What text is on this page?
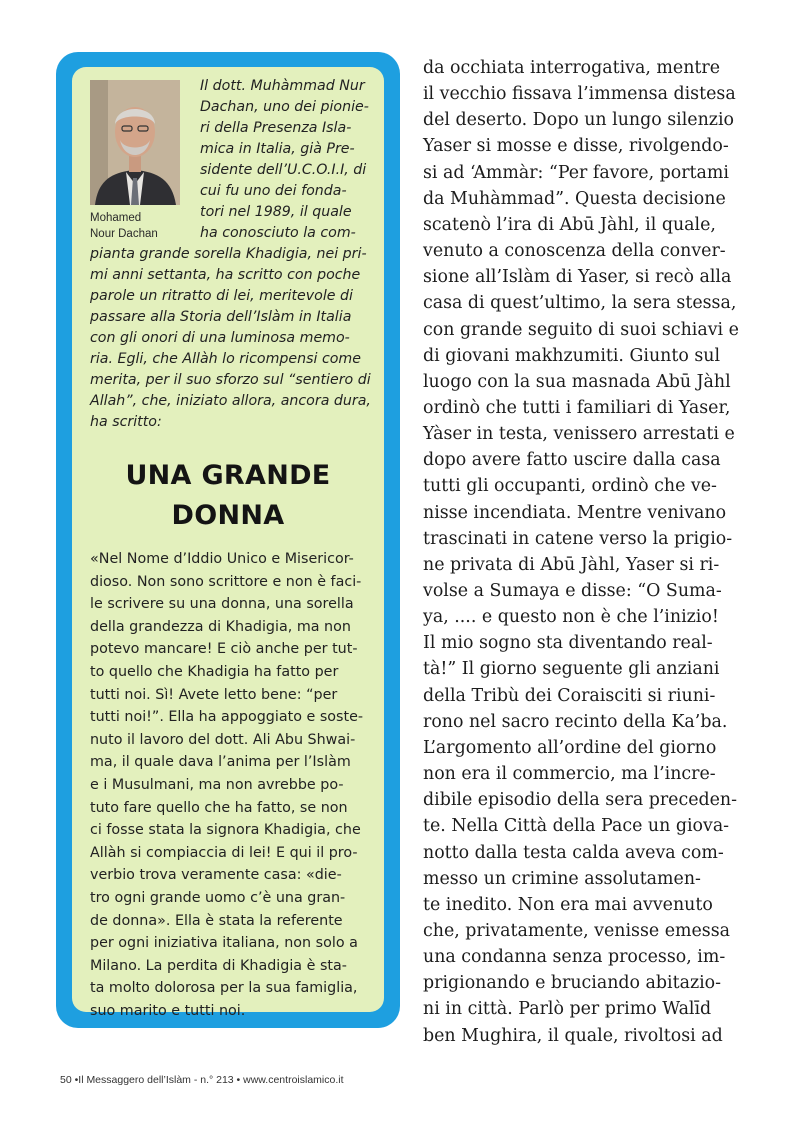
Mohamed
Nour Dachan
Il dott. Muhàmmad Nur
Dachan, uno dei pionie-
ri della Presenza Isla-
mica in Italia, già Pre-
sidente dell’U.C.O.I.I, di
cui fu uno dei fonda-
tori nel 1989, il quale
ha conosciuto la com-
pianta grande sorella Khadigia, nei pri-
mi anni settanta, ha scritto con poche
parole un ritratto di lei, meritevole di
passare alla Storia dell’Islàm in Italia
con gli onori di una luminosa memo-
ria. Egli, che Allàh lo ricompensi come
merita, per il suo sforzo sul “sentiero di
Allah”, che, iniziato allora, ancora dura,
ha scritto:
UNA GRANDE
DONNA
«Nel Nome d’Iddio Unico e Misericor-
dioso. Non sono scrittore e non è faci-
le scrivere su una donna, una sorella
della grandezza di Khadigia, ma non
potevo mancare! E ciò anche per tut-
to quello che Khadigia ha fatto per
tutti noi. Sì! Avete letto bene: “per
tutti noi!”. Ella ha appoggiato e soste-
nuto il lavoro del dott. Ali Abu Shwai-
ma, il quale dava l’anima per l’Islàm
e i Musulmani, ma non avrebbe po-
tuto fare quello che ha fatto, se non
ci fosse stata la signora Khadigia, che
Allàh si compiaccia di lei! E qui il pro-
verbio trova veramente casa: «die-
tro ogni grande uomo c’è una gran-
de donna». Ella è stata la referente
per ogni iniziativa italiana, non solo a
Milano. La perdita di Khadigia è sta-
ta molto dolorosa per la sua famiglia,
suo marito e tutti noi.
da occhiata interrogativa, mentre
il vecchio fissava l’immensa distesa
del deserto. Dopo un lungo silenzio
Yaser si mosse e disse, rivolgendo-
si ad ‘Ammàr: “Per favore, portami
da Muhàmmad”. Questa decisione
scatenò l’ira di Abū Jàhl, il quale,
venuto a conoscenza della conver-
sione all’Islàm di Yaser, si recò alla
casa di quest’ultimo, la sera stessa,
con grande seguito di suoi schiavi e
di giovani makhzumiti. Giunto sul
luogo con la sua masnada Abū Jàhl
ordinò che tutti i familiari di Yaser,
Yàser in testa, venissero arrestati e
dopo avere fatto uscire dalla casa
tutti gli occupanti, ordinò che ve-
nisse incendiata. Mentre venivano
trascinati in catene verso la prigio-
ne privata di Abū Jàhl, Yaser si ri-
volse a Sumaya e disse: “O Suma-
ya, .... e questo non è che l’inizio!
Il mio sogno sta diventando real-
tà!” Il giorno seguente gli anziani
della Tribù dei Coraisciti si riuni-
rono nel sacro recinto della Ka’ba.
L’argomento all’ordine del giorno
non era il commercio, ma l’incre-
dibile episodio della sera preceden-
te. Nella Città della Pace un giova-
notto dalla testa calda aveva com-
messo un crimine assolutamen-
te inedito. Non era mai avvenuto
che, privatamente, venisse emessa
una condanna senza processo, im-
prigionando e bruciando abitazio-
ni in città. Parlò per primo Walīd
ben Mughira, il quale, rivoltosi ad
50 •Il Messaggero dell’Islàm - n.° 213 • www.centroislamico.it
